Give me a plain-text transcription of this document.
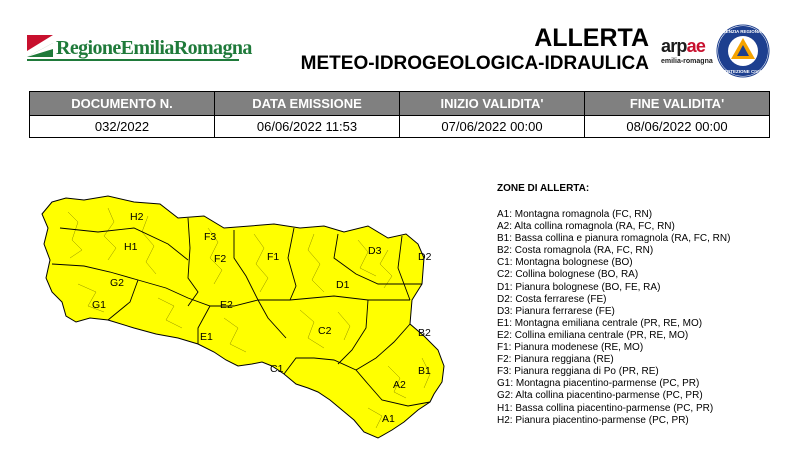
RegioneEmiliaRomagna	ALLERTA
METEO-IDROGEOLOGICA-IDRAULICA
arpae
emilia-romagna
AGENZIA REGIONALE
PROTEZIONE CIVILE
DOCUMENTO N.	DATA EMISSIONE	INIZIO VALIDITA'	FINE VALIDITA'
032/2022	06/06/2022 11:53	07/06/2022 00:00	08/06/2022 00:00
H2
F3
H1
F2	F1	D3	D2
G2	D1
G1	E2
E1	C2	B2
C1	B1
A2
A1
ZONE DI ALLERTA:
A1: Montagna romagnola (FC, RN)
A2: Alta collina romagnola (RA, FC, RN)
B1: Bassa collina e pianura romagnola (RA, FC, RN)
B2: Costa romagnola (RA, FC, RN)
C1: Montagna bolognese (BO)
C2: Collina bolognese (BO, RA)
D1: Pianura bolognese (BO, FE, RA)
D2: Costa ferrarese (FE)
D3: Pianura ferrarese (FE)
E1: Montagna emiliana centrale (PR, RE, MO)
E2: Collina emiliana centrale (PR, RE, MO)
F1: Pianura modenese (RE, MO)
F2: Pianura reggiana (RE)
F3: Pianura reggiana di Po (PR, RE)
G1: Montagna piacentino-parmense (PC, PR)
G2: Alta collina piacentino-parmense (PC, PR)
H1: Bassa collina piacentino-parmense (PC, PR)
H2: Pianura piacentino-parmense (PC, PR)
